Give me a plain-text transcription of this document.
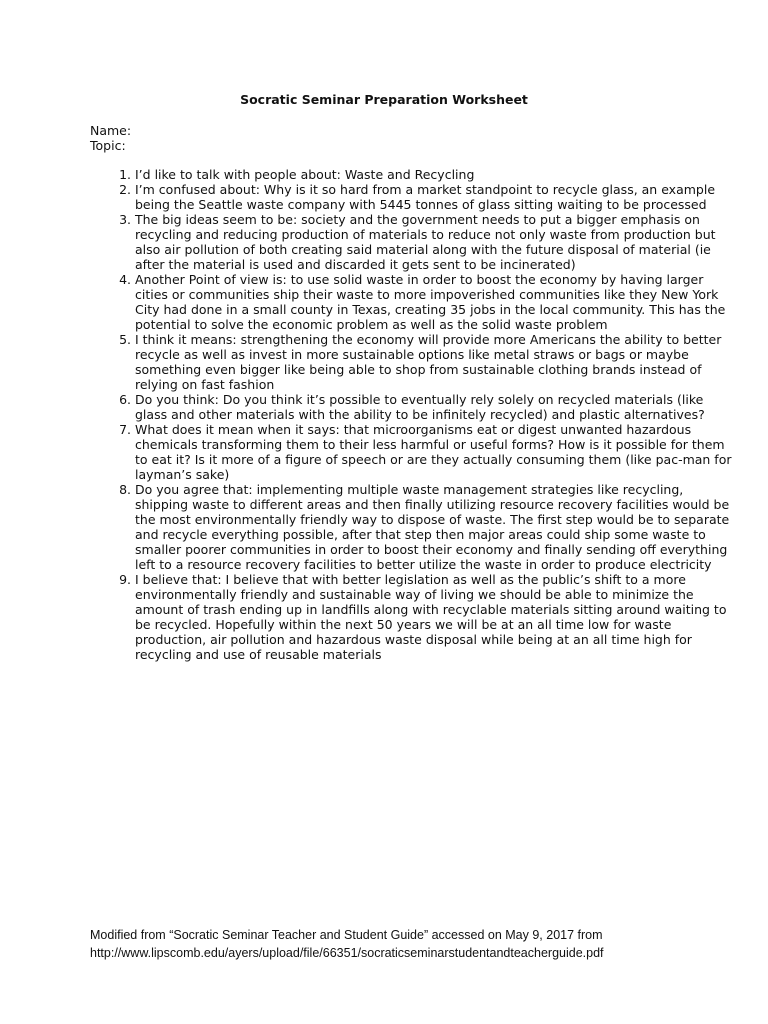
Socratic Seminar Preparation Worksheet
Name:
Topic:
1. I’d like to talk with people about: Waste and Recycling
2. I’m confused about: Why is it so hard from a market standpoint to recycle glass, an example being the Seattle waste company with 5445 tonnes of glass sitting waiting to be processed
3. The big ideas seem to be: society and the government needs to put a bigger emphasis on recycling and reducing production of materials to reduce not only waste from production but also air pollution of both creating said material along with the future disposal of material (ie after the material is used and discarded it gets sent to be incinerated)
4. Another Point of view is: to use solid waste in order to boost the economy by having larger cities or communities ship their waste to more impoverished communities like they New York City had done in a small county in Texas, creating 35 jobs in the local community. This has the potential to solve the economic problem as well as the solid waste problem
5. I think it means: strengthening the economy will provide more Americans the ability to better recycle as well as invest in more sustainable options like metal straws or bags or maybe something even bigger like being able to shop from sustainable clothing brands instead of relying on fast fashion
6. Do you think: Do you think it’s possible to eventually rely solely on recycled materials (like glass and other materials with the ability to be infinitely recycled) and plastic alternatives?
7. What does it mean when it says: that microorganisms eat or digest unwanted hazardous chemicals transforming them to their less harmful or useful forms? How is it possible for them to eat it? Is it more of a figure of speech or are they actually consuming them (like pac-man for layman’s sake)
8. Do you agree that: implementing multiple waste management strategies like recycling, shipping waste to different areas and then finally utilizing resource recovery facilities would be the most environmentally friendly way to dispose of waste. The first step would be to separate and recycle everything possible, after that step then major areas could ship some waste to smaller poorer communities in order to boost their economy and finally sending off everything left to a resource recovery facilities to better utilize the waste in order to produce electricity
9. I believe that: I believe that with better legislation as well as the public’s shift to a more environmentally friendly and sustainable way of living we should be able to minimize the amount of trash ending up in landfills along with recyclable materials sitting around waiting to be recycled. Hopefully within the next 50 years we will be at an all time low for waste production, air pollution and hazardous waste disposal while being at an all time high for recycling and use of reusable materials
Modified from “Socratic Seminar Teacher and Student Guide” accessed on May 9, 2017 from
http://www.lipscomb.edu/ayers/upload/file/66351/socraticseminarstudentandteacherguide.pdf
